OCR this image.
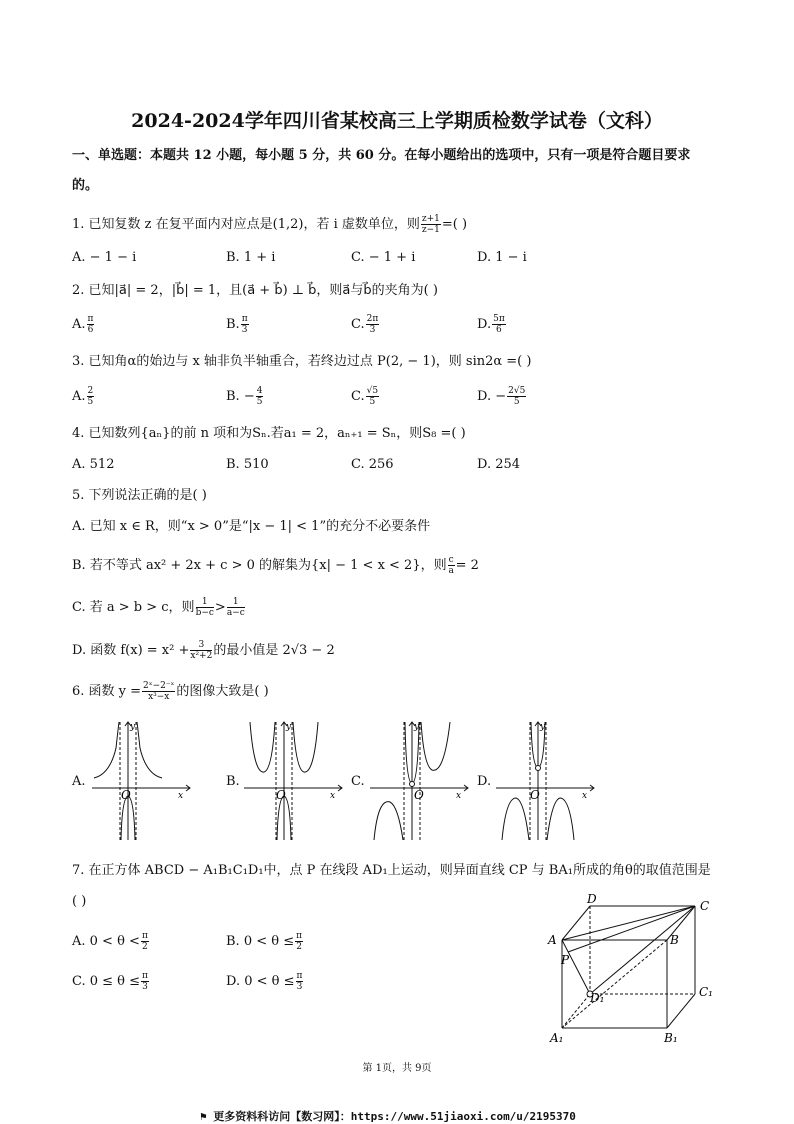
2024-2024学年四川省某校高三上学期质检数学试卷（文科）
一、单选题：本题共 12 小题，每小题 5 分，共 60 分。在每小题给出的选项中，只有一项是符合题目要求
的。
1. 已知复数 z 在复平面内对应点是(1,2)，若 i 虚数单位，则 $\frac{z+1}{z-1}$ =( )
A. − 1 − i	B. 1 + i	C. − 1 + i	D. 1 − i
2. 已知|a⃗| = 2，|b⃗| = 1，且(a⃗ + b⃗) ⊥ b⃗，则a⃗与b⃗的夹角为( )
A. $\frac{\pi}{6}$	B. $\frac{\pi}{3}$	C. $\frac{2\pi}{3}$	D. $\frac{5\pi}{6}$
3. 已知角α的始边与 x 轴非负半轴重合，若终边过点 P(2, − 1)，则 sin2α =( )
A. $\frac{2}{5}$	B. − $\frac{4}{5}$	C. $\frac{√5}{5}$	D. − $\frac{2√5}{5}$
4. 已知数列{aₙ}的前 n 项和为Sₙ.若a₁ = 2，aₙ₊₁ = Sₙ，则S₈ =( )
A. 512	B. 510	C. 256	D. 254
5. 下列说法正确的是( )
A. 已知 x ∈ R，则“x > 0”是“|x − 1| < 1”的充分不必要条件
B. 若不等式 ax² + 2x + c > 0 的解集为{x| − 1 < x < 2}，则 $\frac{c}{a} = 2$
C. 若 a > b > c，则 $\frac{1}{b-c} > \frac{1}{a-c}$
D. 函数 $f(x) = x^2 + \frac{3}{\text{x²+2}}$ 的最小值是 2√3 − 2
6. 函数 $y = \frac{\text{2ˣ−2⁻ˣ}}{\text{x³−x}}$ 的图像大致是( )
A.	B.	C.	D.
y
x
O
y
x
O
y
x
O
y
x
O
7. 在正方体 ABCD − A₁B₁C₁D₁中，点 P 在线段 AD₁上运动，则异面直线 CP 与 BA₁所成的角θ的取值范围是
( )
A. $0 < \theta < \frac{\pi}{2}$	B. $0 < \theta \le \frac{\pi}{2}$
C. $0 \le \theta \le \frac{\pi}{3}$	D. $0 < \theta \le \frac{\pi}{3}$
D	C
A	B
P
D₁	C₁
A₁	B₁
第 1页，共 9页
⚑ 更多资料科访问【数习网】：https://www.51jiaoxi.com/u/2195370
